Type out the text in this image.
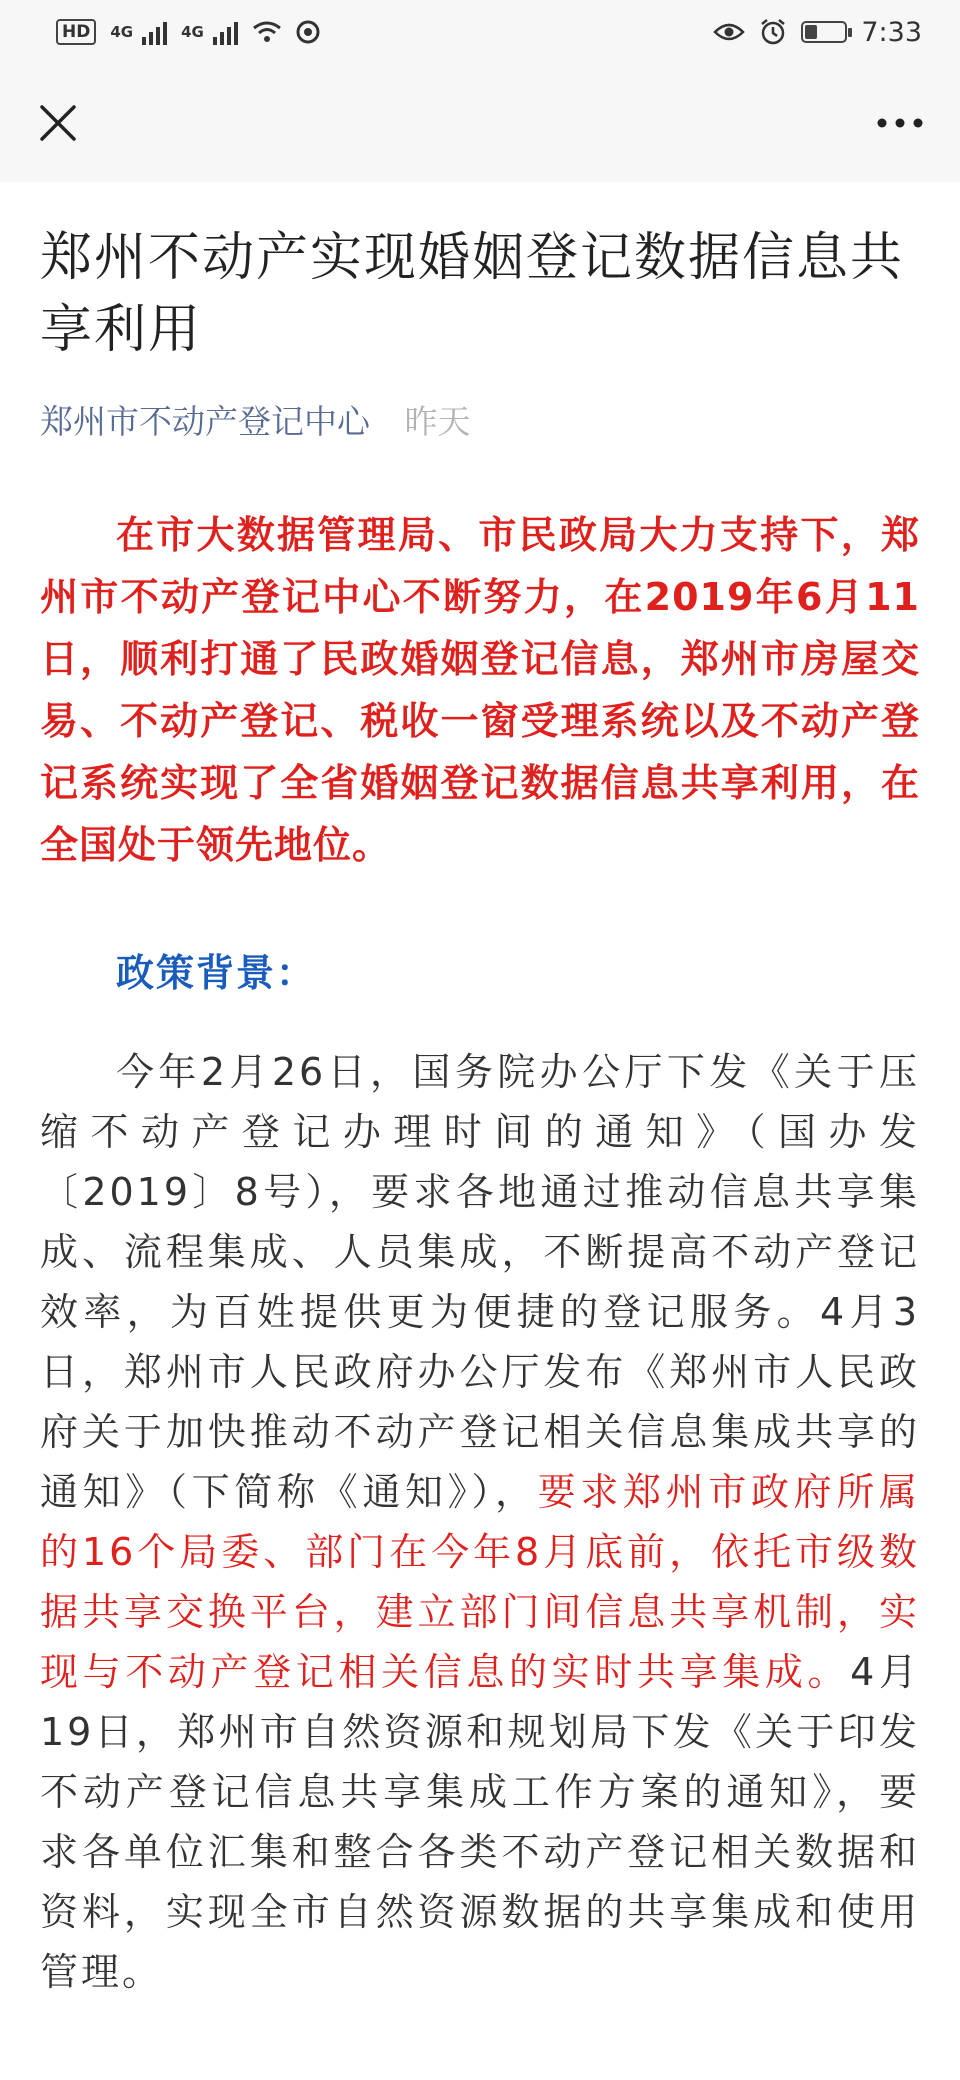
HD	4G	4G	7:33
郑州不动产实现婚姻登记数据信息共享利用
郑州市不动产登记中心 昨天

在市大数据管理局、市民政局大力支持下，郑州市不动产登记中心不断努力，在2019年6月11日，顺利打通了民政婚姻登记信息，郑州市房屋交易、不动产登记、税收一窗受理系统以及不动产登记系统实现了全省婚姻登记数据信息共享利用，在全国处于领先地位。

政策背景：

今年2月26日，国务院办公厅下发《关于压缩不动产登记办理时间的通知》（国办发〔2019〕8号），要求各地通过推动信息共享集成、流程集成、人员集成，不断提高不动产登记效率，为百姓提供更为便捷的登记服务。4月3日，郑州市人民政府办公厅发布《郑州市人民政府关于加快推动不动产登记相关信息集成共享的通知》（下简称《通知》），要求郑州市政府所属的16个局委、部门在今年8月底前，依托市级数据共享交换平台，建立部门间信息共享机制，实现与不动产登记相关信息的实时共享集成。4月19日，郑州市自然资源和规划局下发《关于印发不动产登记信息共享集成工作方案的通知》，要求各单位汇集和整合各类不动产登记相关数据和资料，实现全市自然资源数据的共享集成和使用管理。
